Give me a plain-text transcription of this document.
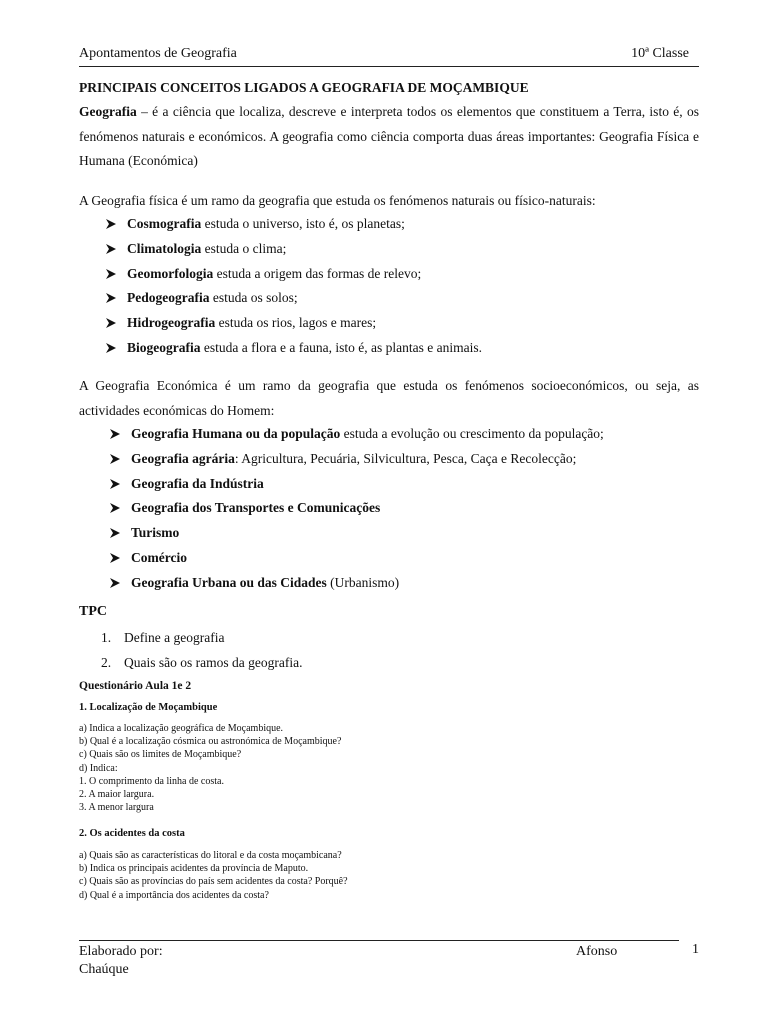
Apontamentos de Geografia	10ª Classe
PRINCIPAIS CONCEITOS LIGADOS A GEOGRAFIA DE MOÇAMBIQUE
Geografia – é a ciência que localiza, descreve e interpreta todos os elementos que constituem a Terra, isto é, os fenómenos naturais e económicos. A geografia como ciência comporta duas áreas importantes: Geografia Física e Humana (Económica)
A Geografia física é um ramo da geografia que estuda os fenómenos naturais ou físico-naturais:
Cosmografia estuda o universo, isto é, os planetas;
Climatologia estuda o clima;
Geomorfologia estuda a origem das formas de relevo;
Pedogeografia estuda os solos;
Hidrogeografia estuda os rios, lagos e mares;
Biogeografia estuda a flora e a fauna, isto é, as plantas e animais.
A Geografia Económica é um ramo da geografia que estuda os fenómenos socioeconómicos, ou seja, as actividades económicas do Homem:
Geografia Humana ou da população estuda a evolução ou crescimento da população;
Geografia agrária: Agricultura, Pecuária, Silvicultura, Pesca, Caça e Recolecção;
Geografia da Indústria
Geografia dos Transportes e Comunicações
Turismo
Comércio
Geografia Urbana ou das Cidades (Urbanismo)
TPC
1. Define a geografia
2. Quais são os ramos da geografia.
Questionário Aula 1e 2
1. Localização de Moçambique
a) Indica a localização geográfica de Moçambique.
b) Qual é a localização cósmica ou astronómica de Moçambique?
c) Quais são os limites de Moçambique?
d) Indica:
1. O comprimento da linha de costa.
2. A maior largura.
3. A menor largura
2. Os acidentes da costa
a) Quais são as características do litoral e da costa moçambicana?
b) Indica os principais acidentes da província de Maputo.
c) Quais são as províncias do país sem acidentes da costa? Porquê?
d) Qual é a importância dos acidentes da costa?
Elaborado por:	Afonso
Chaúque
1
